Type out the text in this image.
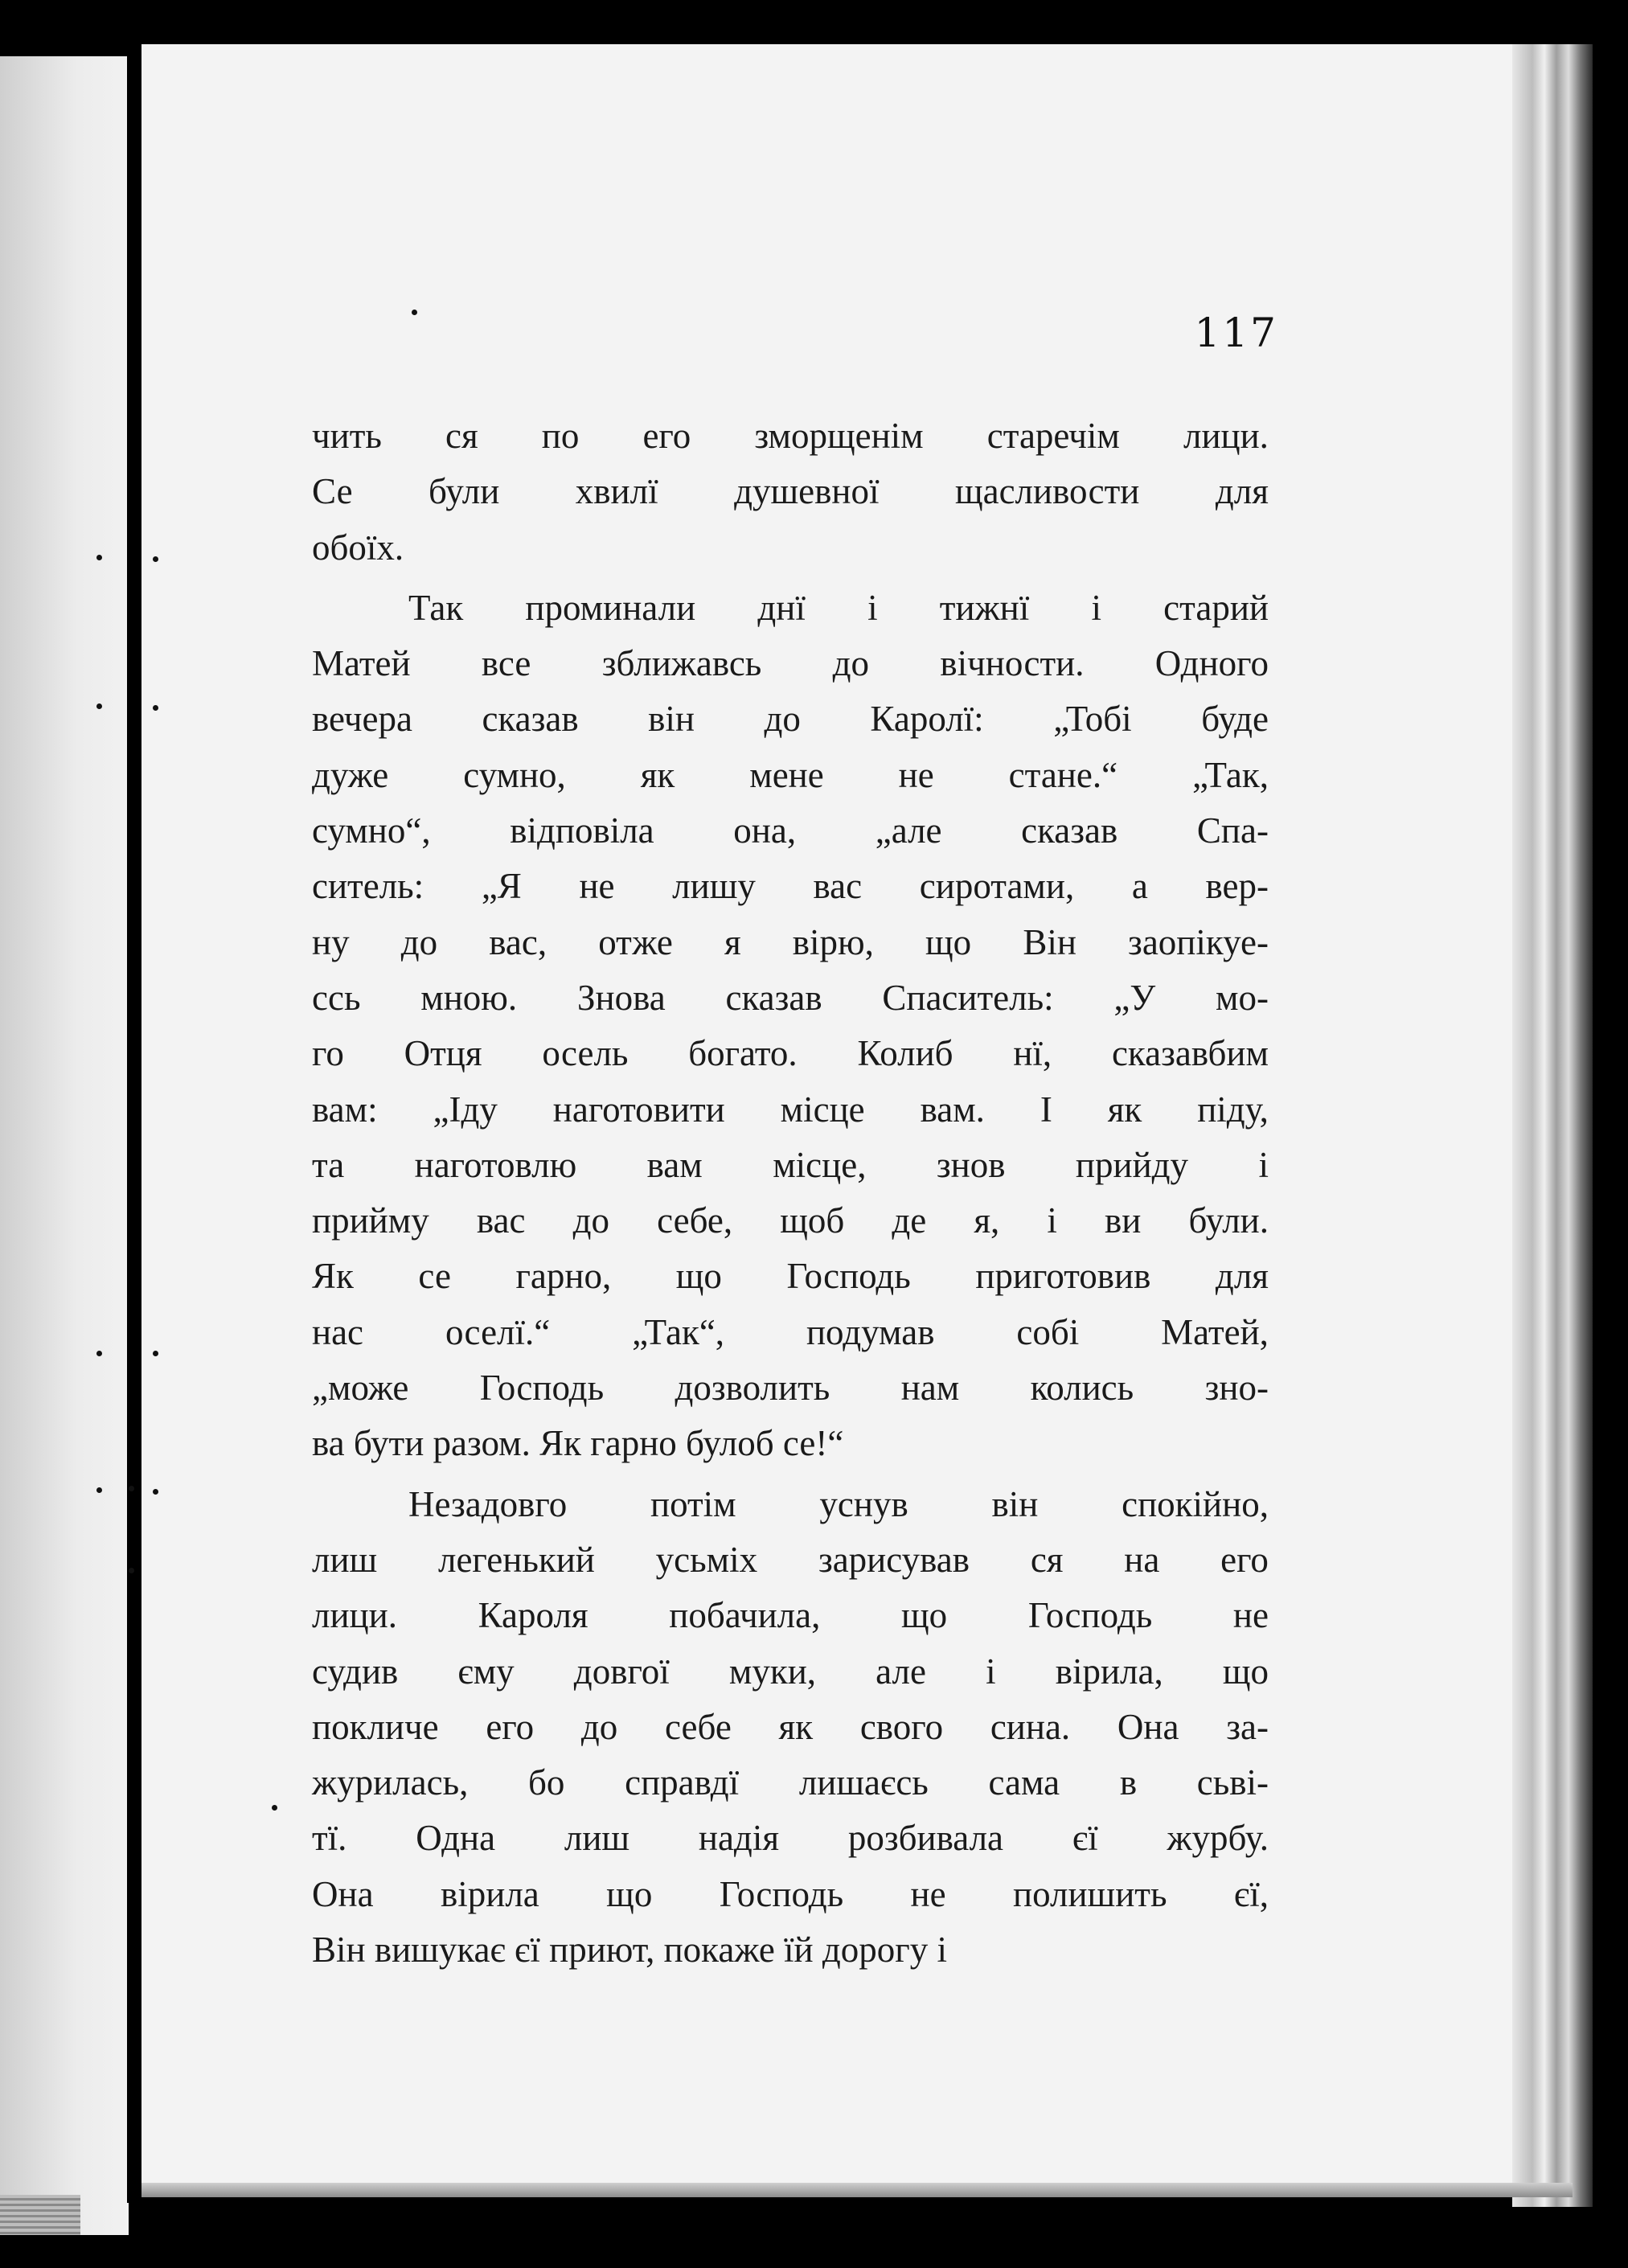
117
чить ся по его зморщенім старечім лици.
Се були хвилї душевної щасливости для
обоїх.
Так проминали днї і тижнї і старий
Матей все зближавсь до вічности. Одного
вечера сказав він до Каролї: „Тобі буде
дуже сумно, як мене не стане.“ „Так,
сумно“, відповіла она, „але сказав Спа-
ситель: „Я не лишу вас сиротами, а вер-
ну до вас, отже я вірю, що Він заопікуе-
ссь мною. Знова сказав Спаситель: „У мо-
го Отця осель богато. Колиб нї, сказавбим
вам: „Іду наготовити місце вам. І як піду,
та наготовлю вам місце, знов прийду і
прийму вас до себе, щоб де я, і ви були.
Як се гарно, що Господь приготовив для
нас оселї.“ „Так“, подумав собі Матей,
„може Господь дозволить нам колись зно-
ва бути разом. Як гарно булоб се!“
Незадовго потім уснув він спокійно,
лиш легенький усьміх зарисував ся на его
лици. Кароля побачила, що Господь не
судив єму довгої муки, але і вірила, що
покличе его до себе як свого сина. Она за-
журилась, бо справдї лишаєсь сама в сьві-
тї. Одна лиш надія розбивала єї журбу.
Она вірила що Господь не полишить єї,
Він вишукає єї приют, покаже їй дорогу і
